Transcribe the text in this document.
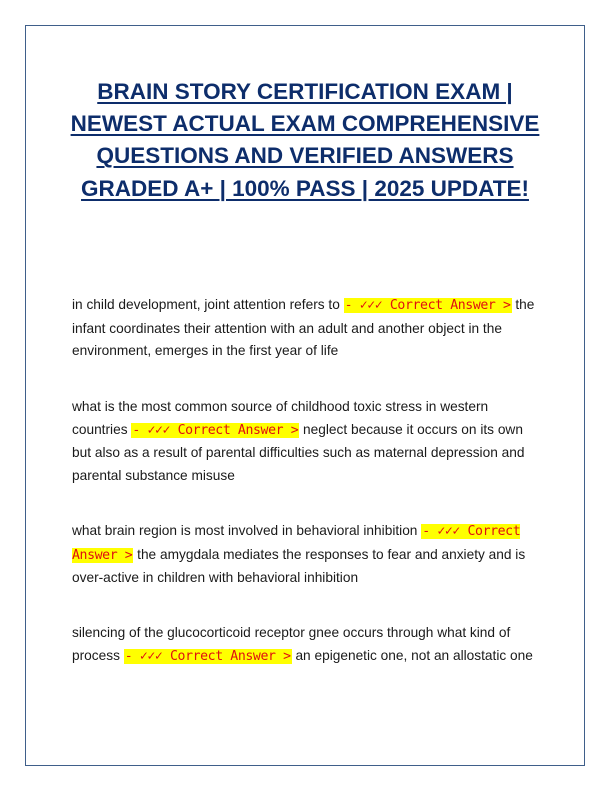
BRAIN STORY CERTIFICATION EXAM | NEWEST ACTUAL EXAM COMPREHENSIVE QUESTIONS AND VERIFIED ANSWERS GRADED A+ | 100% PASS | 2025 UPDATE!

in child development, joint attention refers to - ✓✓✓ Correct Answer > the infant coordinates their attention with an adult and another object in the environment, emerges in the first year of life

what is the most common source of childhood toxic stress in western countries - ✓✓✓ Correct Answer > neglect because it occurs on its own but also as a result of parental difficulties such as maternal depression and parental substance misuse

what brain region is most involved in behavioral inhibition - ✓✓✓ Correct Answer > the amygdala mediates the responses to fear and anxiety and is over-active in children with behavioral inhibition

silencing of the glucocorticoid receptor gnee occurs through what kind of process - ✓✓✓ Correct Answer > an epigenetic one, not an allostatic one
